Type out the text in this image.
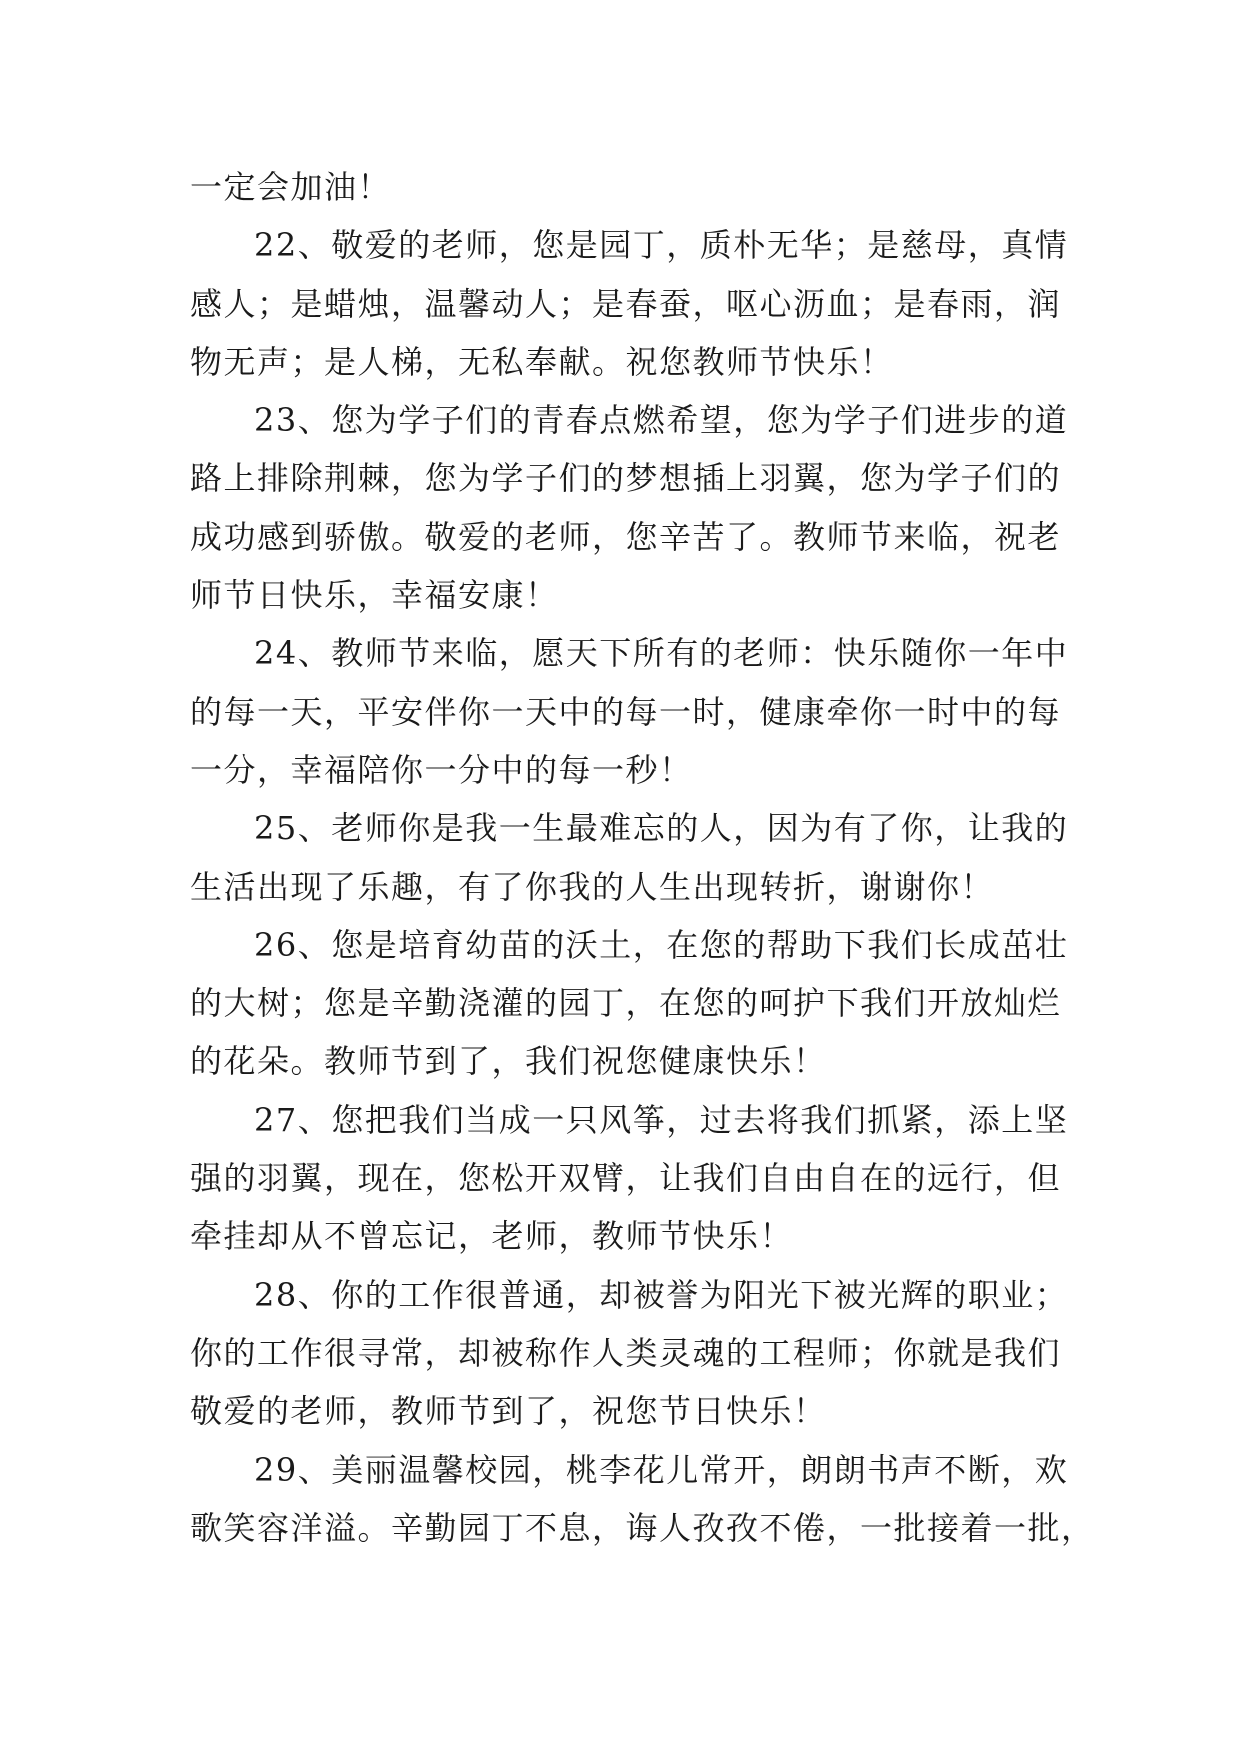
一定会加油！
22、敬爱的老师，您是园丁，质朴无华；是慈母，真情
感人；是蜡烛，温馨动人；是春蚕，呕心沥血；是春雨，润
物无声；是人梯，无私奉献。祝您教师节快乐！
23、您为学子们的青春点燃希望，您为学子们进步的道
路上排除荆棘，您为学子们的梦想插上羽翼，您为学子们的
成功感到骄傲。敬爱的老师，您辛苦了。教师节来临，祝老
师节日快乐，幸福安康！
24、教师节来临，愿天下所有的老师：快乐随你一年中
的每一天，平安伴你一天中的每一时，健康牵你一时中的每
一分，幸福陪你一分中的每一秒！
25、老师你是我一生最难忘的人，因为有了你，让我的
生活出现了乐趣，有了你我的人生出现转折，谢谢你！
26、您是培育幼苗的沃土，在您的帮助下我们长成茁壮
的大树；您是辛勤浇灌的园丁，在您的呵护下我们开放灿烂
的花朵。教师节到了，我们祝您健康快乐！
27、您把我们当成一只风筝，过去将我们抓紧，添上坚
强的羽翼，现在，您松开双臂，让我们自由自在的远行，但
牵挂却从不曾忘记，老师，教师节快乐！
28、你的工作很普通，却被誉为阳光下被光辉的职业；
你的工作很寻常，却被称作人类灵魂的工程师；你就是我们
敬爱的老师，教师节到了，祝您节日快乐！
29、美丽温馨校园，桃李花儿常开，朗朗书声不断，欢
歌笑容洋溢。辛勤园丁不息，诲人孜孜不倦，一批接着一批，
